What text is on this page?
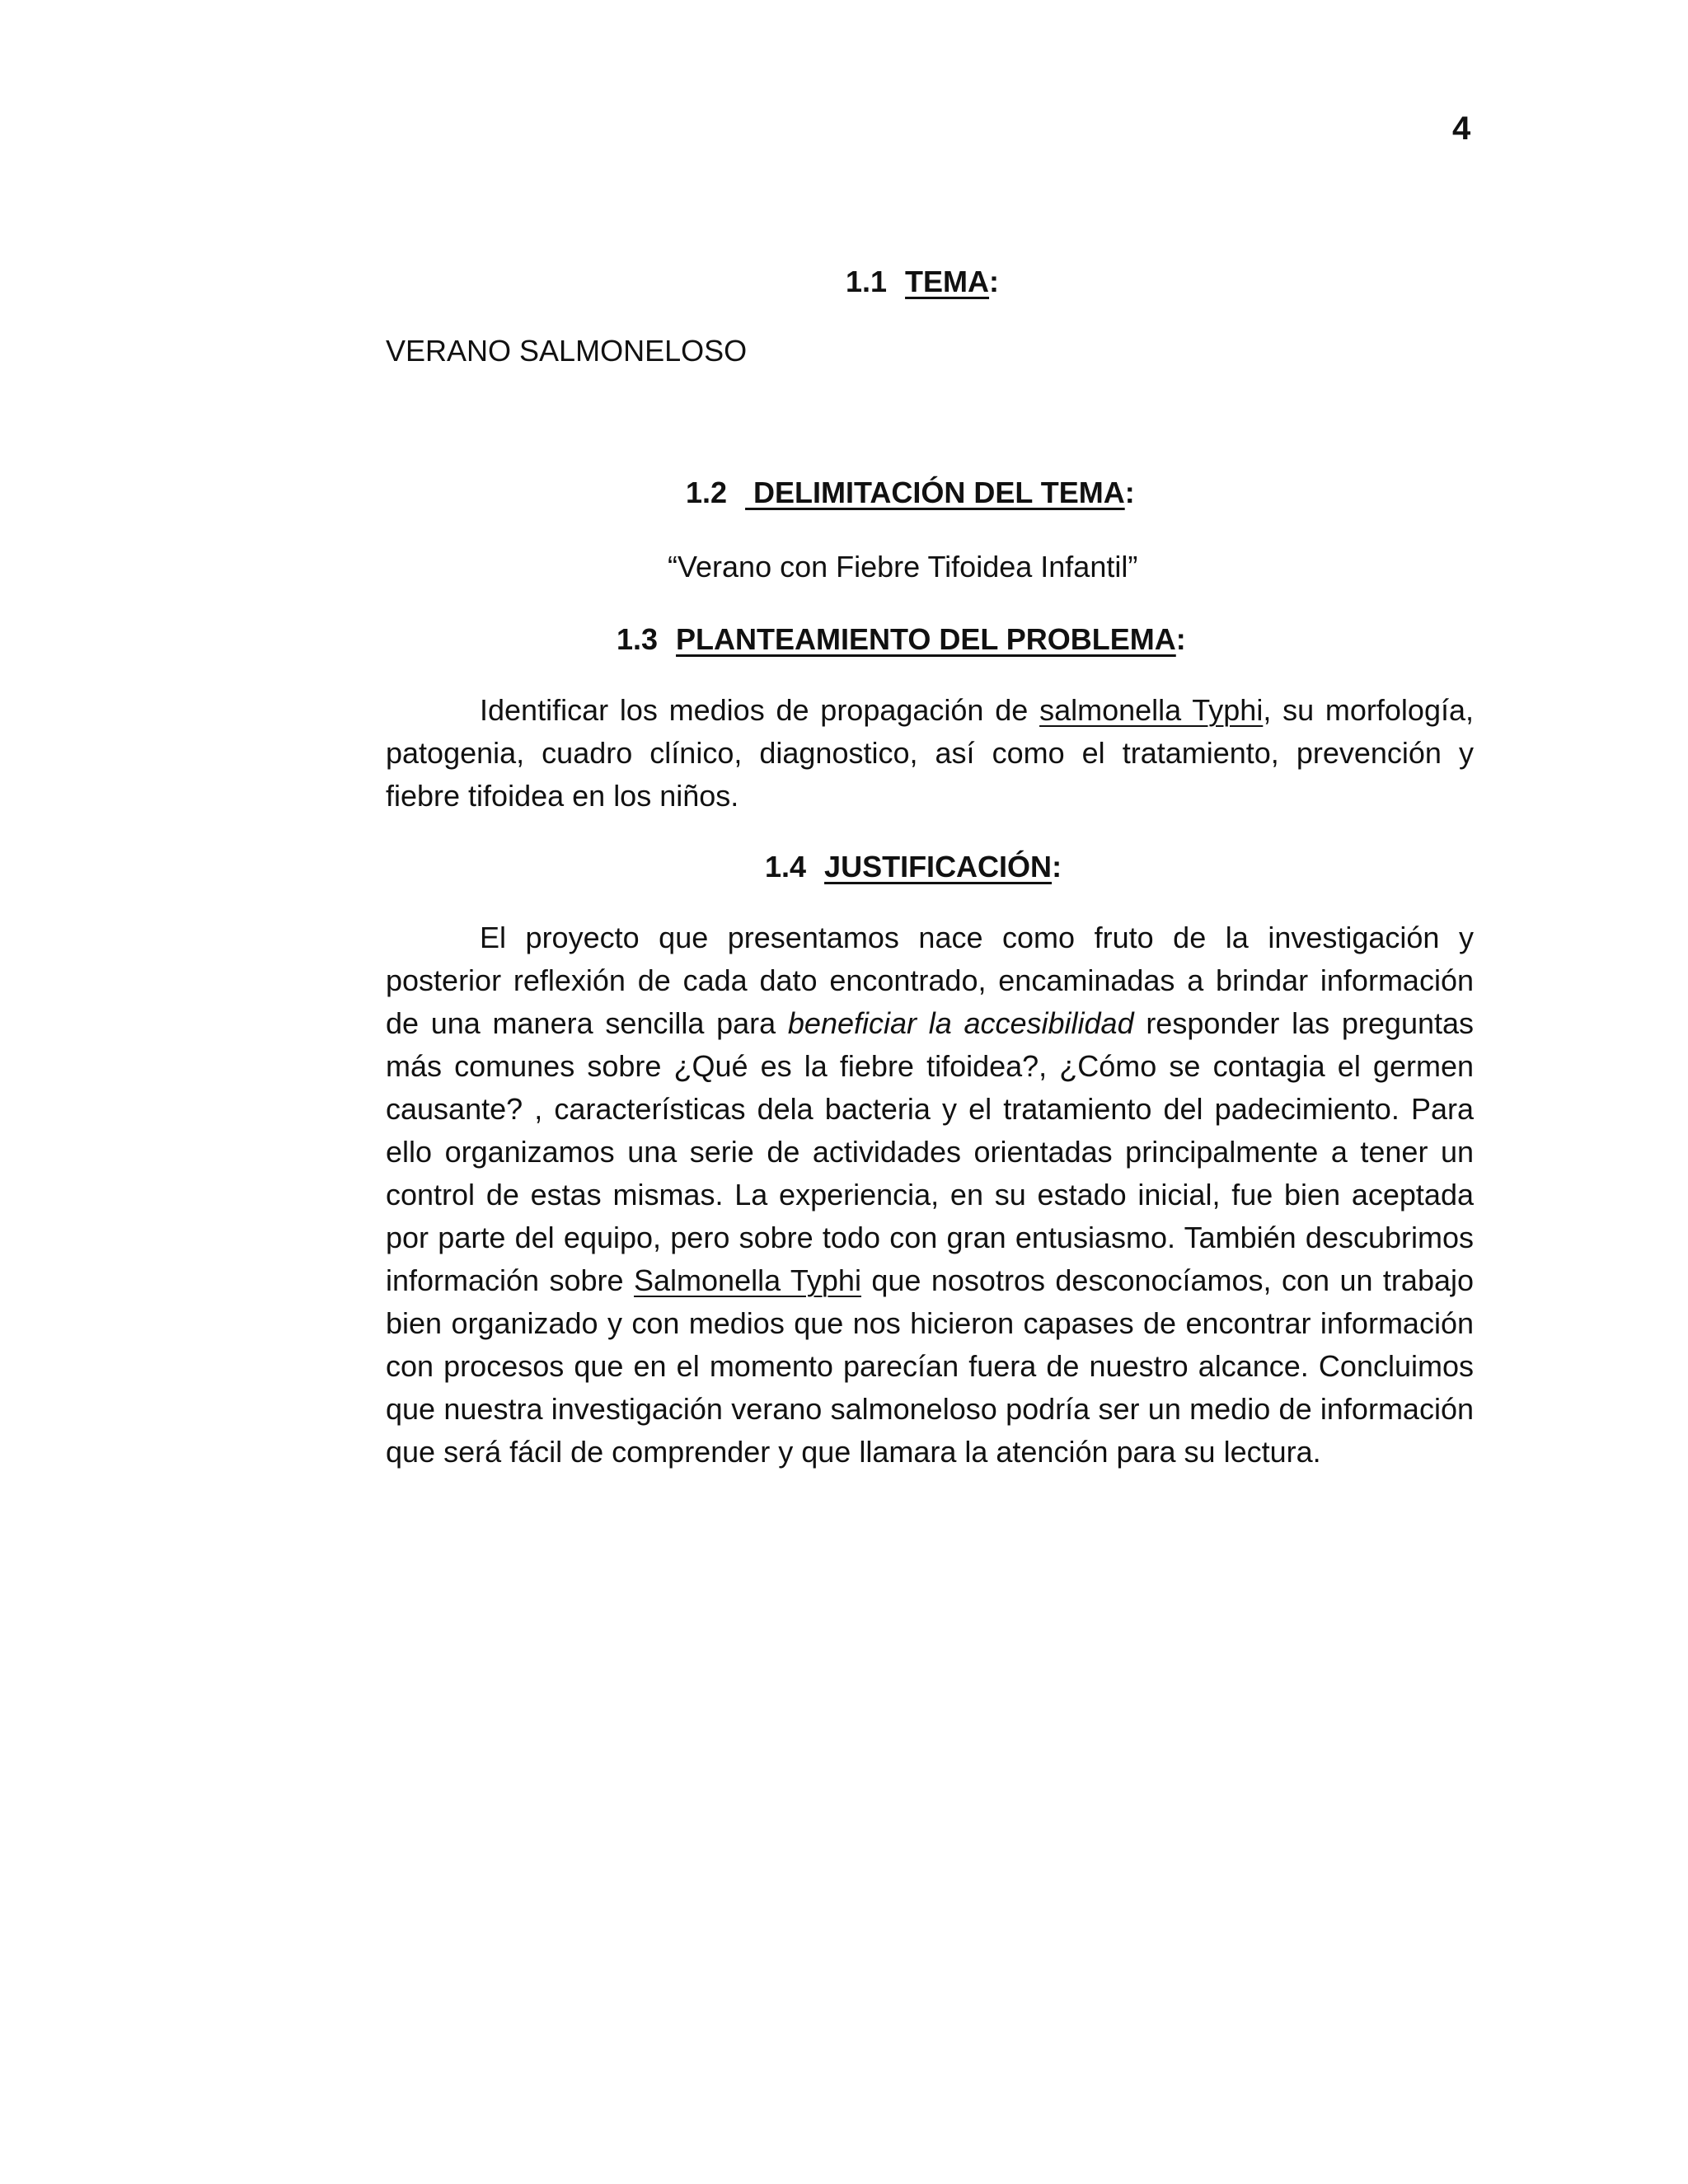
4
1.1 TEMA:
VERANO SALMONELOSO
1.2 DELIMITACIÓN DEL TEMA:
“Verano con Fiebre Tifoidea Infantil”
1.3 PLANTEAMIENTO DEL PROBLEMA:

Identificar los medios de propagación de salmonella Typhi, su morfología, patogenia, cuadro clínico, diagnostico, así como el tratamiento, prevención y fiebre tifoidea en los niños.

1.4 JUSTIFICACIÓN:

El proyecto que presentamos nace como fruto de la investigación y posterior reflexión de cada dato encontrado, encaminadas a brindar información de una manera sencilla para beneficiar la accesibilidad responder las preguntas más comunes sobre ¿Qué es la fiebre tifoidea?, ¿Cómo se contagia el germen causante? , características dela bacteria y el tratamiento del padecimiento. Para ello organizamos una serie de actividades orientadas principalmente a tener un control de estas mismas. La experiencia, en su estado inicial, fue bien aceptada por parte del equipo, pero sobre todo con gran entusiasmo. También descubrimos información sobre Salmonella Typhi que nosotros desconocíamos, con un trabajo bien organizado y con medios que nos hicieron capases de encontrar información con procesos que en el momento parecían fuera de nuestro alcance. Concluimos que nuestra investigación verano salmoneloso podría ser un medio de información que será fácil de comprender y que llamara la atención para su lectura.
